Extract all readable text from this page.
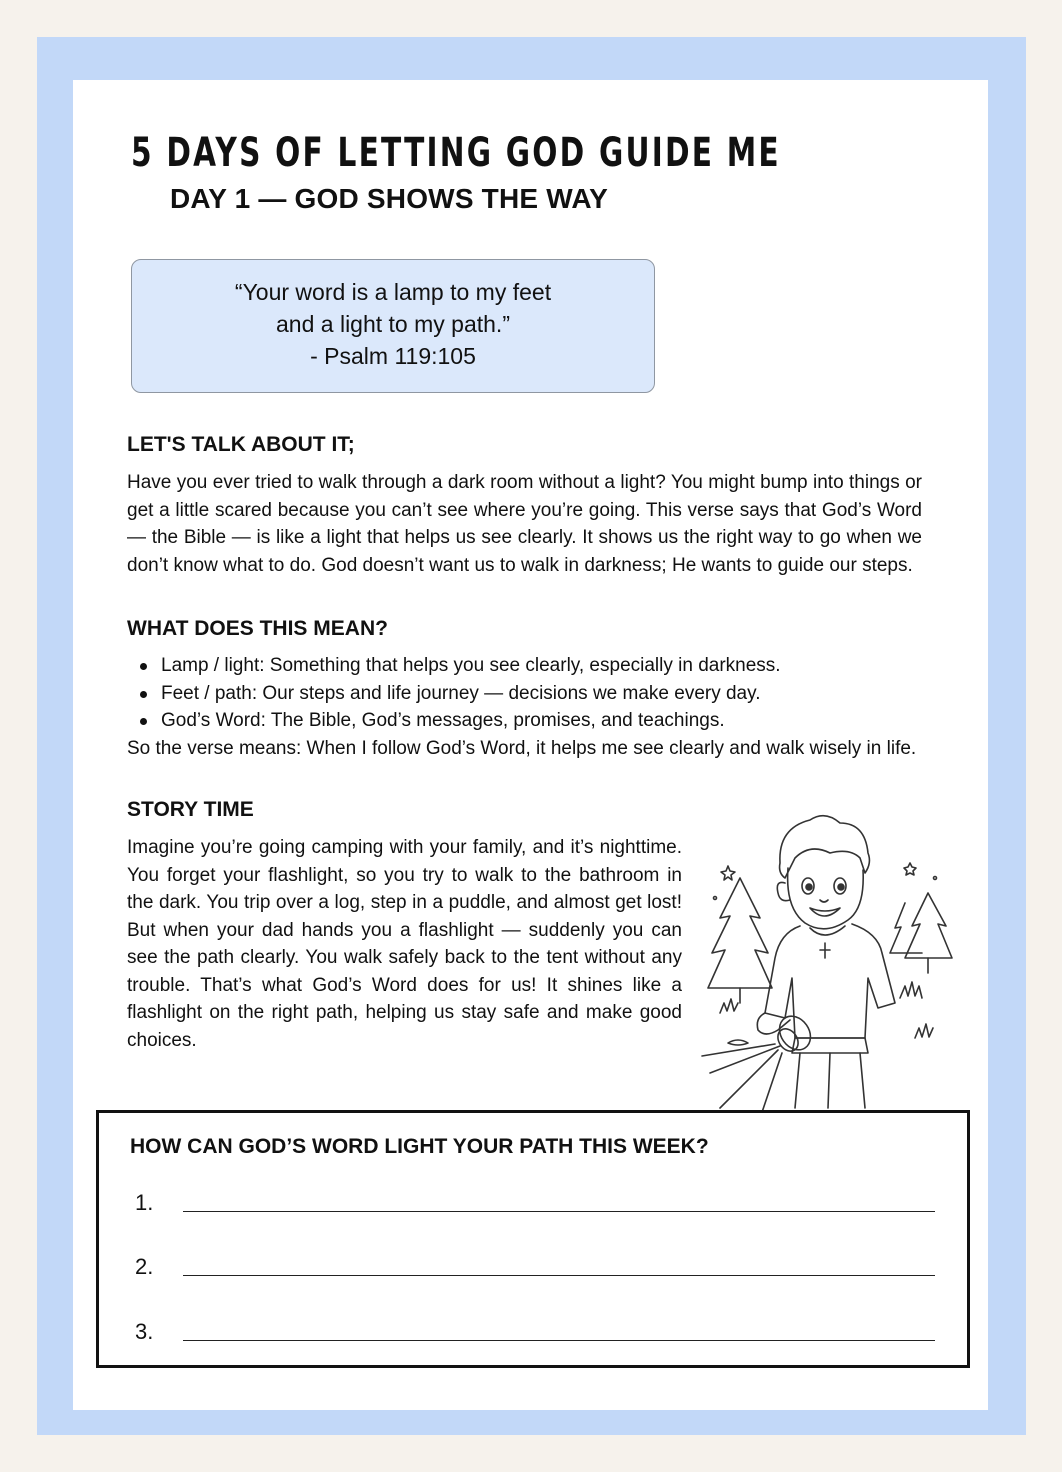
5 DAYS OF LETTING GOD GUIDE ME
DAY 1 — GOD SHOWS THE WAY
“Your word is a lamp to my feet
and a light to my path.”
- Psalm 119:105
LET'S TALK ABOUT IT;

Have you ever tried to walk through a dark room without a light? You might bump into things or get a little scared because you can’t see where you’re going. This verse says that God’s Word — the Bible — is like a light that helps us see clearly. It shows us the right way to go when we don’t know what to do. God doesn’t want us to walk in darkness; He wants to guide our steps.

WHAT DOES THIS MEAN?
Lamp / light: Something that helps you see clearly, especially in darkness.
Feet / path: Our steps and life journey — decisions we make every day.
God’s Word: The Bible, God’s messages, promises, and teachings.

So the verse means: When I follow God’s Word, it helps me see clearly and walk wisely in life.

STORY TIME

Imagine you’re going camping with your family, and it’s nighttime. You forget your flashlight, so you try to walk to the bathroom in the dark. You trip over a log, step in a puddle, and almost get lost! But when your dad hands you a flashlight — suddenly you can see the path clearly. You walk safely back to the tent without any trouble. That’s what God’s Word does for us! It shines like a flashlight on the right path, helping us stay safe and make good choices.

HOW CAN GOD’S WORD LIGHT YOUR PATH THIS WEEK?

1.
2.
3.
